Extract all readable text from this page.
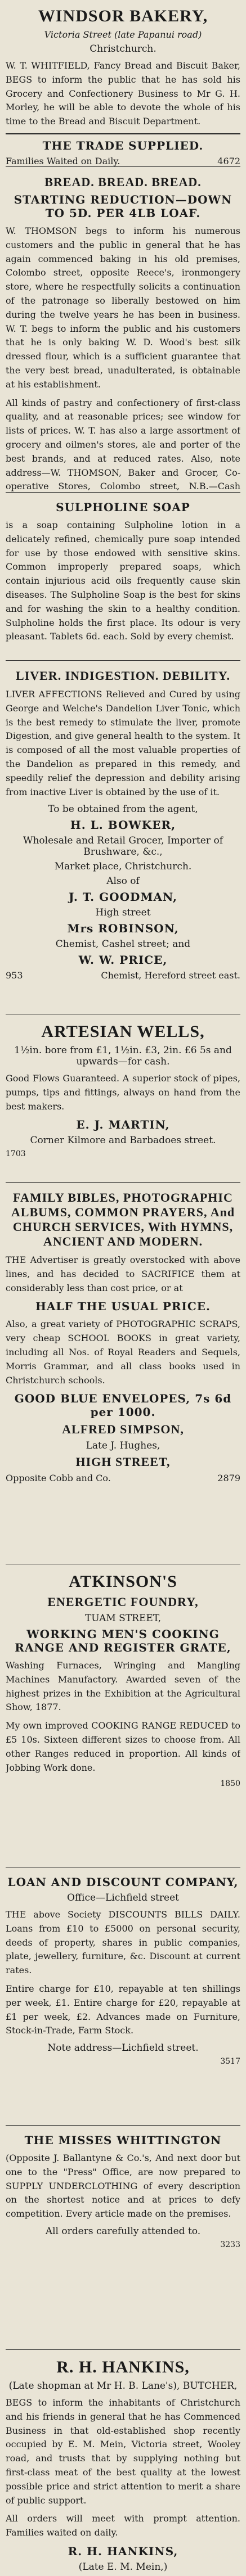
WINDSOR BAKERY,
Victoria Street (late Papanui road)
Christchurch.
W. T. WHITFIELD, Fancy Bread and Biscuit Baker, BEGS to inform the public that he has sold his Grocery and Confectionery Business to Mr G. H. Morley, he will be able to devote the whole of his time to the Bread and Biscuit Department.
THE TRADE SUPPLIED.
Families Waited on Daily.	4672
BREAD. BREAD. BREAD.
STARTING REDUCTION—DOWN TO 5D. PER 4LB LOAF.
W. THOMSON begs to inform his numerous customers and the public in general that he has again commenced baking in his old premises, Colombo street, opposite Reece's, ironmongery store, where he respectfully solicits a continuation of the patronage so liberally bestowed on him during the twelve years he has been in business. W. T. begs to inform the public and his customers that he is only baking W. D. Wood's best silk dressed flour, which is a sufficient guarantee that the very best bread, unadulterated, is obtainable at his establishment.
All kinds of pastry and confectionery of first-class quality, and at reasonable prices; see window for lists of prices. W. T. has also a large assortment of grocery and oilmen's stores, ale and porter of the best brands, and at reduced rates. Also, note address—W. THOMSON, Baker and Grocer, Co-operative Stores, Colombo street, N.B.—Cash
SULPHOLINE SOAP
is a soap containing Sulpholine lotion in a delicately refined, chemically pure soap intended for use by those endowed with sensitive skins. Common improperly prepared soaps, which contain injurious acid oils frequently cause skin diseases. The Sulpholine Soap is the best for skins and for washing the skin to a healthy condition. Sulpholine holds the first place. Its odour is very pleasant. Tablets 6d. each. Sold by every chemist.
LIVER. INDIGESTION. DEBILITY.
LIVER AFFECTIONS Relieved and Cured by using George and Welche's Dandelion Liver Tonic, which is the best remedy to stimulate the liver, promote Digestion, and give general health to the system. It is composed of all the most valuable properties of the Dandelion as prepared in this remedy, and speedily relief the depression and debility arising from inactive Liver is obtained by the use of it.
To be obtained from the agent,
H. L. BOWKER,
Wholesale and Retail Grocer, Importer of Brushware, &c.,
Market place, Christchurch.
Also of
J. T. GOODMAN,
High street
Mrs ROBINSON,
Chemist, Cashel street; and
W. W. PRICE,
953	Chemist, Hereford street east.
ARTESIAN WELLS,
1½in. bore from £1, 1½in. £3, 2in. £6 5s and upwards—for cash.
Good Flows Guaranteed. A superior stock of pipes, pumps, tips and fittings, always on hand from the best makers.
E. J. MARTIN,
Corner Kilmore and Barbadoes street.
1703
FAMILY BIBLES, PHOTOGRAPHIC ALBUMS, COMMON PRAYERS, And CHURCH SERVICES, With HYMNS, ANCIENT AND MODERN.
THE Advertiser is greatly overstocked with above lines, and has decided to SACRIFICE them at considerably less than cost price, or at
HALF THE USUAL PRICE.
Also, a great variety of PHOTOGRAPHIC SCRAPS, very cheap SCHOOL BOOKS in great variety, including all Nos. of Royal Readers and Sequels, Morris Grammar, and all class books used in Christchurch schools.
GOOD BLUE ENVELOPES, 7s 6d per 1000.
ALFRED SIMPSON,
Late J. Hughes,
HIGH STREET,
Opposite Cobb and Co.	2879
ATKINSON'S
ENERGETIC FOUNDRY,
TUAM STREET,
WORKING MEN'S COOKING RANGE AND REGISTER GRATE,
Washing Furnaces, Wringing and Mangling Machines Manufactory. Awarded seven of the highest prizes in the Exhibition at the Agricultural Show, 1877.
My own improved COOKING RANGE REDUCED to £5 10s. Sixteen different sizes to choose from. All other Ranges reduced in proportion. All kinds of Jobbing Work done.
1850
LOAN AND DISCOUNT COMPANY,
Office—Lichfield street
THE above Society DISCOUNTS BILLS DAILY. Loans from £10 to £5000 on personal security, deeds of property, shares in public companies, plate, jewellery, furniture, &c. Discount at current rates.
Entire charge for £10, repayable at ten shillings per week, £1. Entire charge for £20, repayable at £1 per week, £2. Advances made on Furniture, Stock-in-Trade, Farm Stock.
Note address—Lichfield street.
3517
THE MISSES WHITTINGTON
(Opposite J. Ballantyne & Co.'s, And next door but one to the "Press" Office, are now prepared to SUPPLY UNDERCLOTHING of every description on the shortest notice and at prices to defy competition. Every article made on the premises.
All orders carefully attended to.
3233
R. H. HANKINS,
(Late shopman at Mr H. B. Lane's), BUTCHER,
BEGS to inform the inhabitants of Christchurch and his friends in general that he has Commenced Business in that old-established shop recently occupied by E. M. Mein, Victoria street, Wooley road, and trusts that by supplying nothing but first-class meat of the best quality at the lowest possible price and strict attention to merit a share of public support.
All orders will meet with prompt attention. Families waited on daily.
R. H. HANKINS,
(Late E. M. Mein,)
